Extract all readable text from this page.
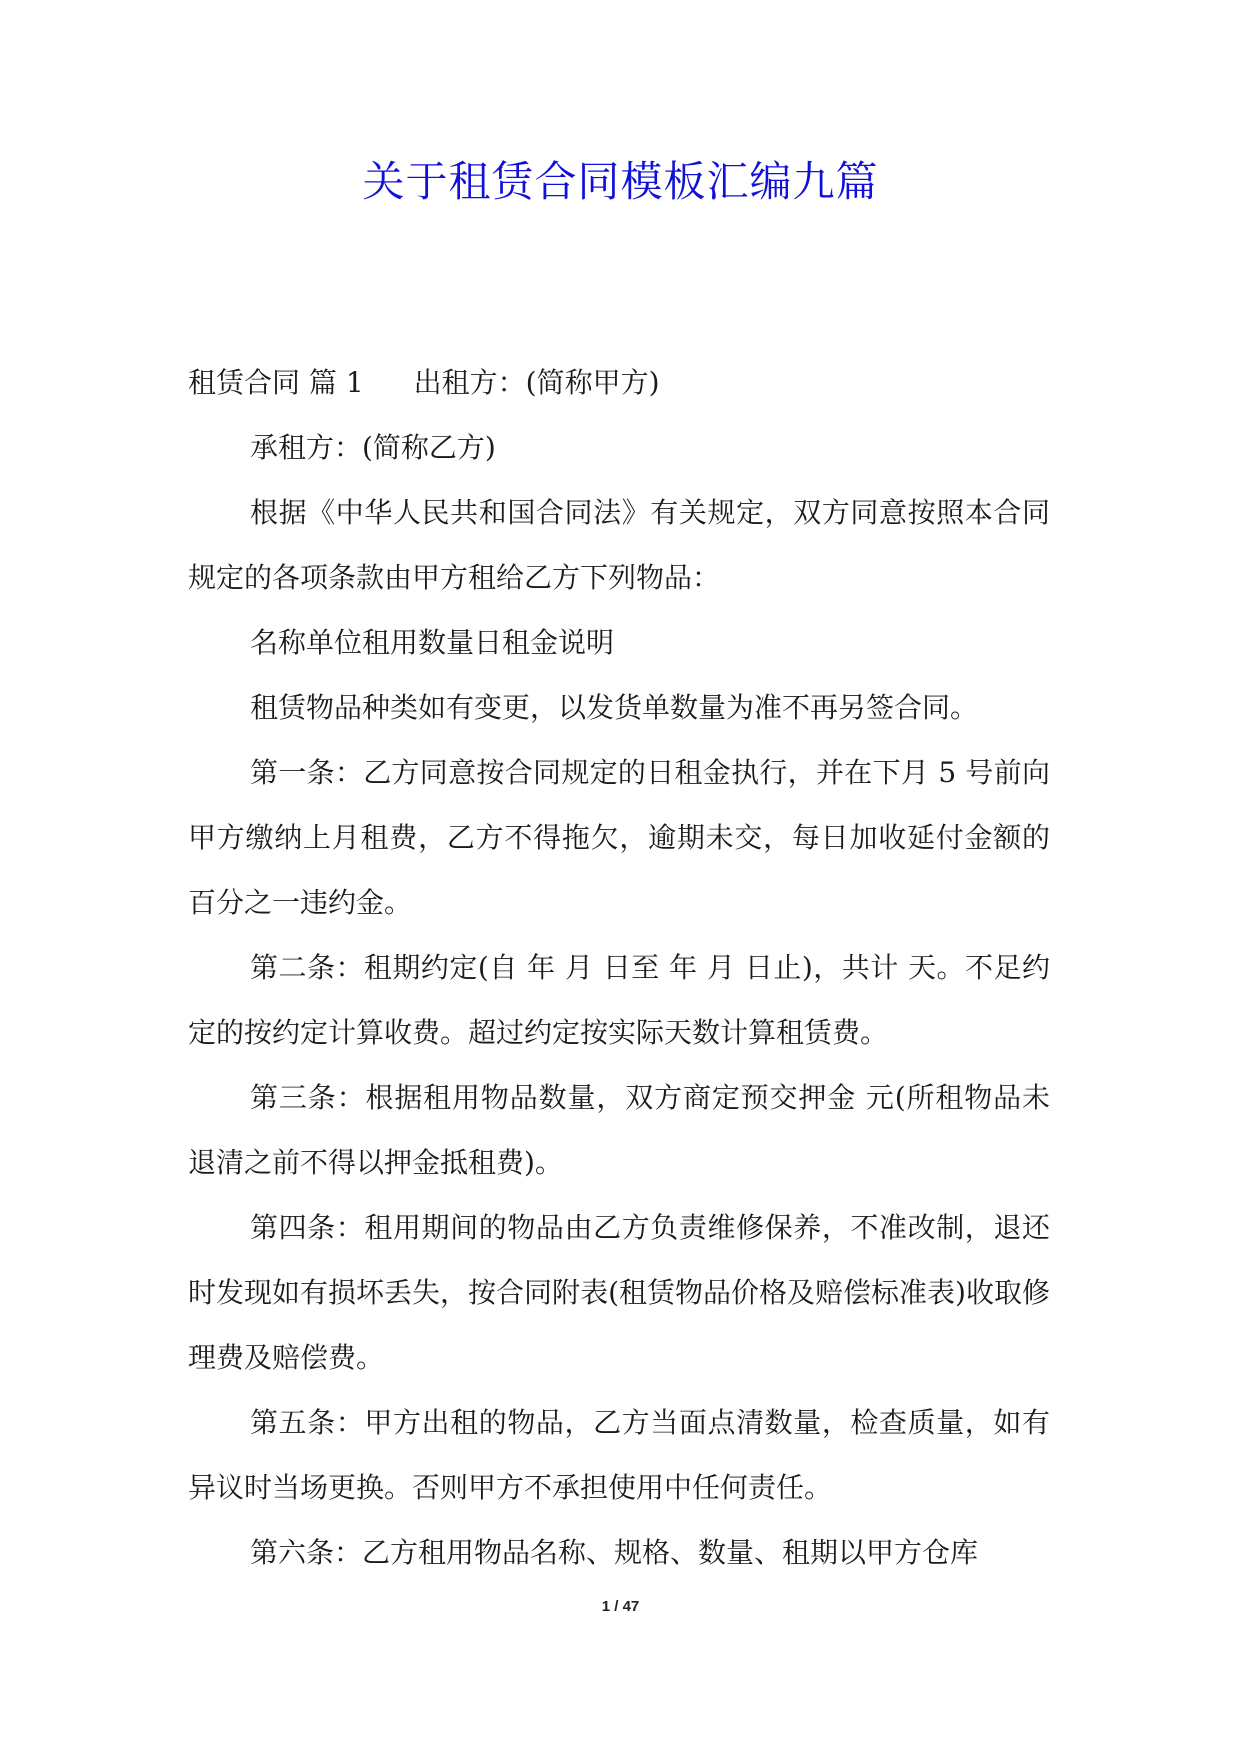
关于租赁合同模板汇编九篇

租赁合同 篇 1 出租方：(简称甲方)

承租方：(简称乙方)

根据《中华人民共和国合同法》有关规定，双方同意按照本合同规定的各项条款由甲方租给乙方下列物品：

名称单位租用数量日租金说明

租赁物品种类如有变更，以发货单数量为准不再另签合同。

第一条：乙方同意按合同规定的日租金执行，并在下月 5 号前向甲方缴纳上月租费，乙方不得拖欠，逾期未交，每日加收延付金额的百分之一违约金。

第二条：租期约定(自 年 月 日至 年 月 日止)，共计 天。不足约定的按约定计算收费。超过约定按实际天数计算租赁费。

第三条：根据租用物品数量，双方商定预交押金 元(所租物品未退清之前不得以押金抵租费)。

第四条：租用期间的物品由乙方负责维修保养，不准改制，退还时发现如有损坏丢失，按合同附表(租赁物品价格及赔偿标准表)收取修理费及赔偿费。

第五条：甲方出租的物品，乙方当面点清数量，检查质量，如有异议时当场更换。否则甲方不承担使用中任何责任。

第六条：乙方租用物品名称、规格、数量、租期以甲方仓库

1 / 47
